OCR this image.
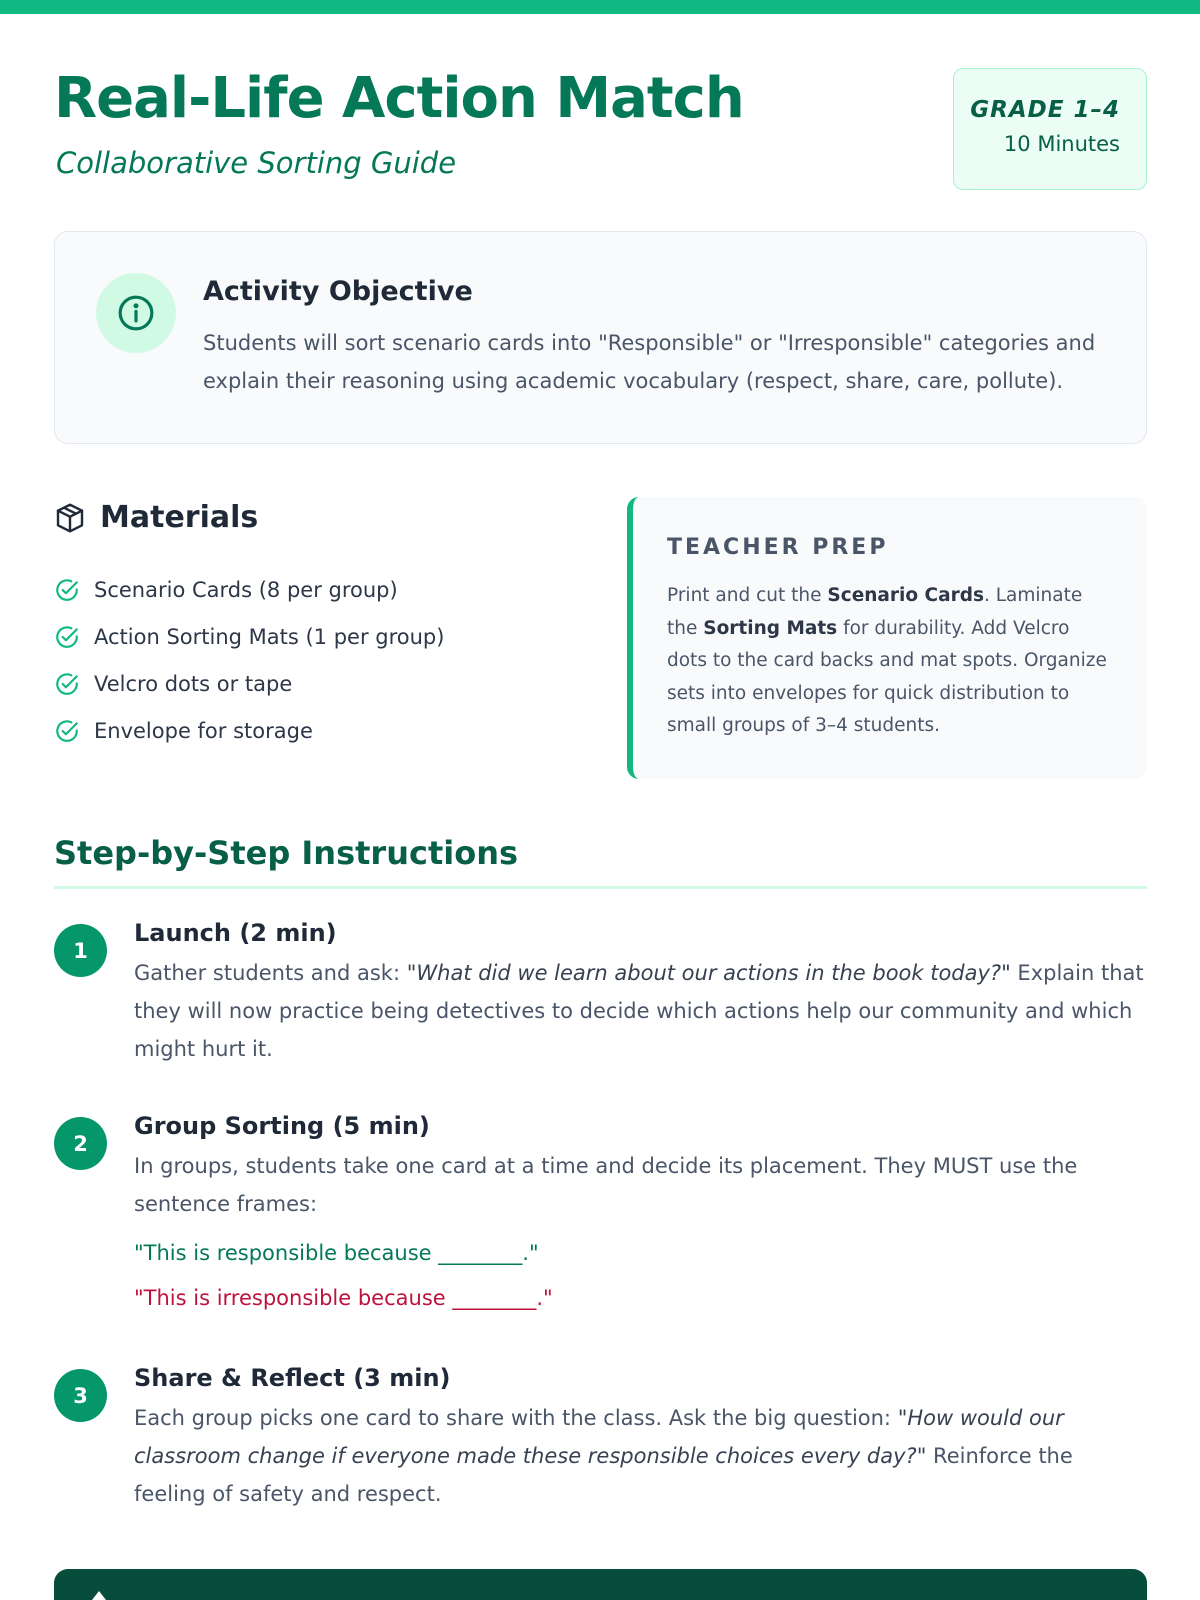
Real-Life Action Match
Collaborative Sorting Guide
GRADE 1–4
10 Minutes
Activity Objective

Students will sort scenario cards into "Responsible" or "Irresponsible" categories and explain their reasoning using academic vocabulary (respect, share, care, pollute).

Materials
Scenario Cards (8 per group)
Action Sorting Mats (1 per group)
Velcro dots or tape
Envelope for storage
TEACHER PREP

Print and cut the Scenario Cards. Laminate the Sorting Mats for durability. Add Velcro dots to the card backs and mat spots. Organize sets into envelopes for quick distribution to small groups of 3–4 students.

Step-by-Step Instructions
1
Launch (2 min)

Gather students and ask: "What did we learn about our actions in the book today?" Explain that they will now practice being detectives to decide which actions help our community and which might hurt it.

2
Group Sorting (5 min)

In groups, students take one card at a time and decide its placement. They MUST use the sentence frames:

"This is responsible because ________."
"This is irresponsible because ________."
3
Share & Reflect (3 min)

Each group picks one card to share with the class. Ask the big question: "How would our classroom change if everyone made these responsible choices every day?" Reinforce the feeling of safety and respect.
